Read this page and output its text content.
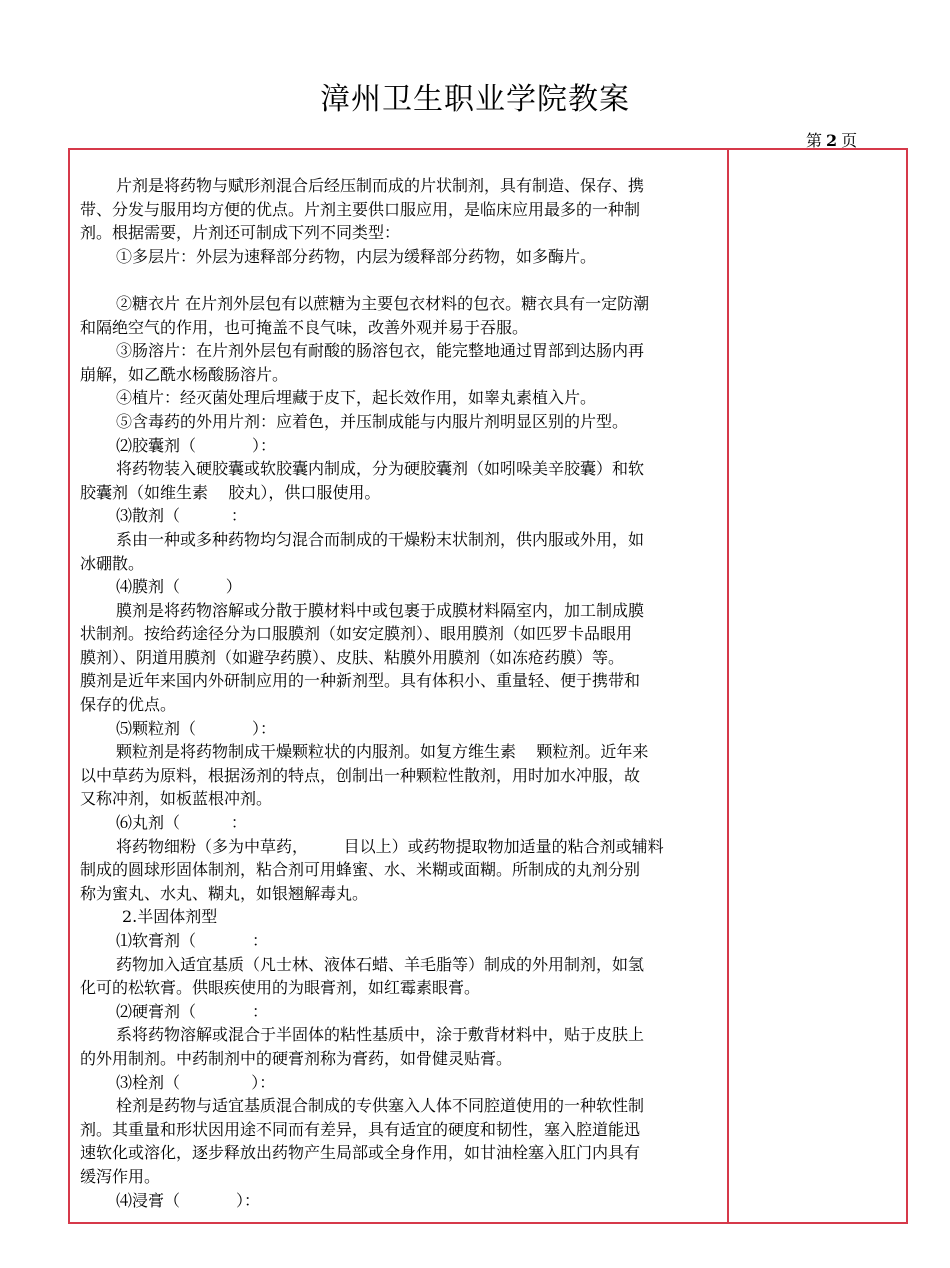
漳州卫生职业学院教案
第 2 页
片剂是将药物与赋形剂混合后经压制而成的片状制剂，具有制造、保存、携
带、分发与服用均方便的优点。片剂主要供口服应用，是临床应用最多的一种制
剂。根据需要，片剂还可制成下列不同类型：
①多层片：外层为速释部分药物，内层为缓释部分药物，如多酶片。
②糖衣片 在片剂外层包有以蔗糖为主要包衣材料的包衣。糖衣具有一定防潮
和隔绝空气的作用，也可掩盖不良气味，改善外观并易于吞服。
③肠溶片：在片剂外层包有耐酸的肠溶包衣，能完整地通过胃部到达肠内再
崩解，如乙酰水杨酸肠溶片。
④植片：经灭菌处理后埋藏于皮下，起长效作用，如睾丸素植入片。
⑤含毒药的外用片剂：应着色，并压制成能与内服片剂明显区别的片型。
⑵胶囊剂（           ）：
将药物装入硬胶囊或软胶囊内制成，分为硬胶囊剂（如吲哚美辛胶囊）和软
胶囊剂（如维生素    胶丸），供口服使用。
⑶散剂（          ：
系由一种或多种药物均匀混合而制成的干燥粉末状制剂，供内服或外用，如
冰硼散。
⑷膜剂（         ）
膜剂是将药物溶解或分散于膜材料中或包裹于成膜材料隔室内，加工制成膜
状制剂。按给药途径分为口服膜剂（如安定膜剂）、眼用膜剂（如匹罗卡品眼用
膜剂）、阴道用膜剂（如避孕药膜）、皮肤、粘膜外用膜剂（如冻疮药膜）等。
膜剂是近年来国内外研制应用的一种新剂型。具有体积小、重量轻、便于携带和
保存的优点。
⑸颗粒剂（           ）：
颗粒剂是将药物制成干燥颗粒状的内服剂。如复方维生素    颗粒剂。近年来
以中草药为原料，根据汤剂的特点，创制出一种颗粒性散剂，用时加水冲服，故
又称冲剂，如板蓝根冲剂。
⑹丸剂（          ：
将药物细粉（多为中草药，       目以上）或药物提取物加适量的粘合剂或辅料
制成的圆球形固体制剂，粘合剂可用蜂蜜、水、米糊或面糊。所制成的丸剂分别
称为蜜丸、水丸、糊丸，如银翘解毒丸。
2.半固体剂型
⑴软膏剂（           ：
药物加入适宜基质（凡士林、液体石蜡、羊毛脂等）制成的外用制剂，如氢
化可的松软膏。供眼疾使用的为眼膏剂，如红霉素眼膏。
⑵硬膏剂（           ：
系将药物溶解或混合于半固体的粘性基质中，涂于敷背材料中，贴于皮肤上
的外用制剂。中药制剂中的硬膏剂称为膏药，如骨健灵贴膏。
⑶栓剂（              ）：
栓剂是药物与适宜基质混合制成的专供塞入人体不同腔道使用的一种软性制
剂。其重量和形状因用途不同而有差异，具有适宜的硬度和韧性，塞入腔道能迅
速软化或溶化，逐步释放出药物产生局部或全身作用，如甘油栓塞入肛门内具有
缓泻作用。
⑷浸膏（           ）：
